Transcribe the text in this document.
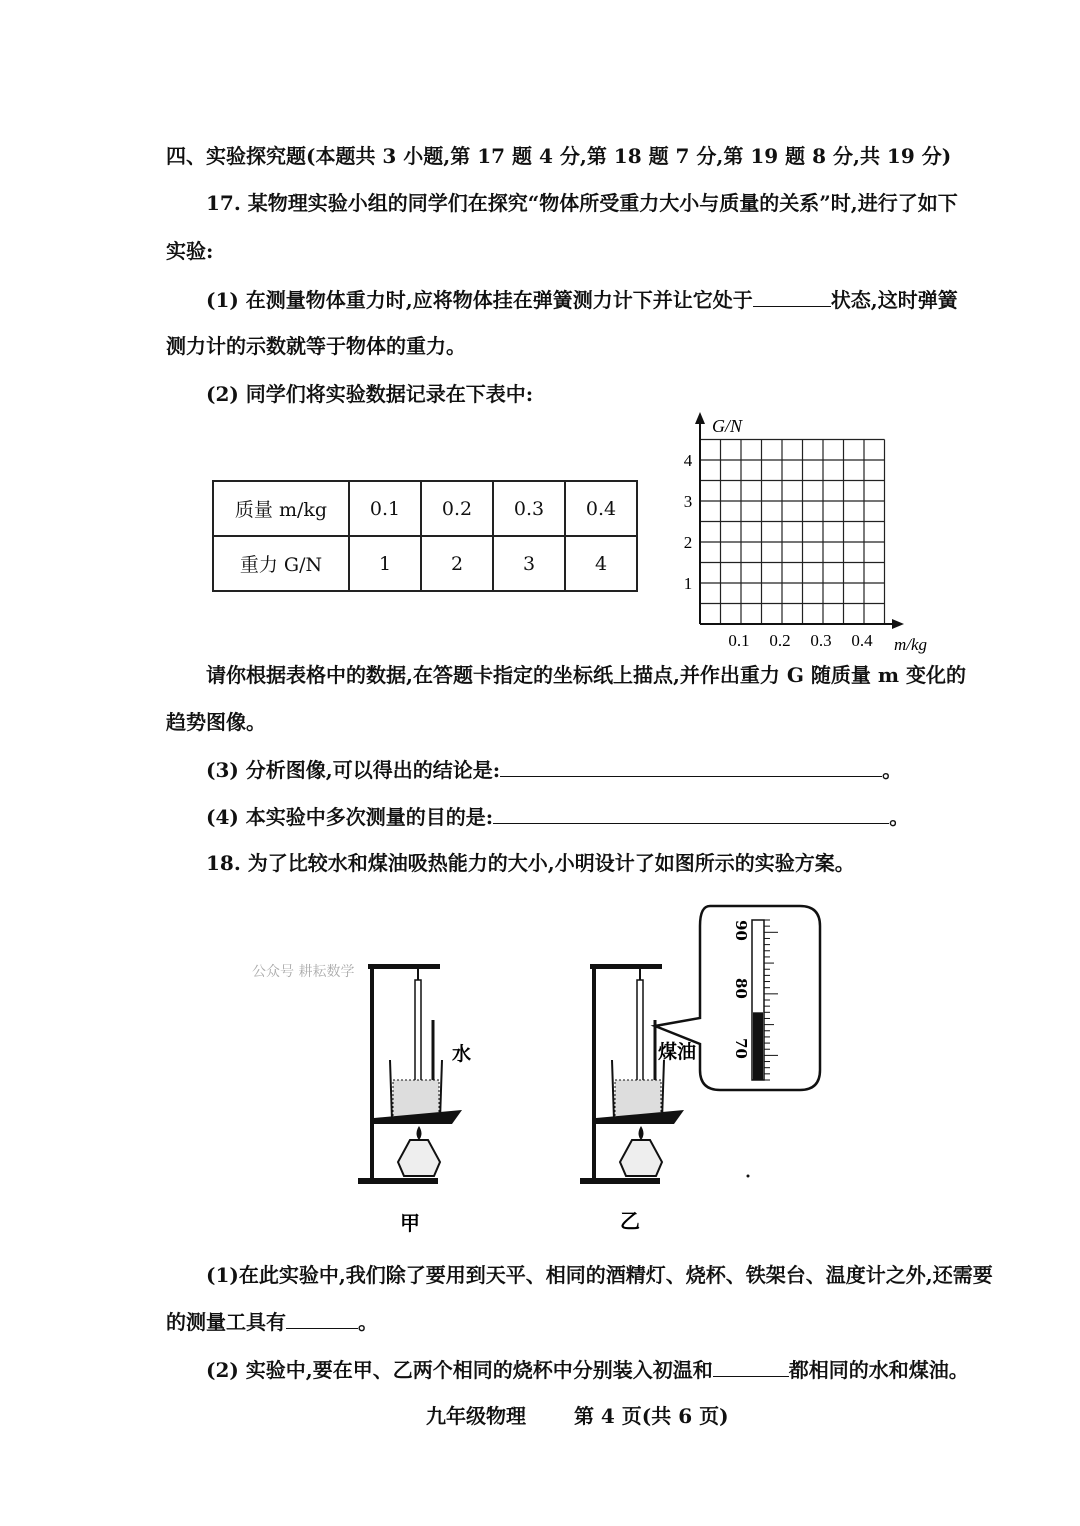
四、实验探究题(本题共 3 小题,第 17 题 4 分,第 18 题 7 分,第 19 题 8 分,共 19 分)
17. 某物理实验小组的同学们在探究“物体所受重力大小与质量的关系”时,进行了如下
实验:
(1) 在测量物体重力时,应将物体挂在弹簧测力计下并让它处于	状态,这时弹簧
测力计的示数就等于物体的重力。
(2) 同学们将实验数据记录在下表中:
质量 m/kg	0.1	0.2	0.3	0.4
重力 G/N	1	2	3	4
G/N
m/kg
1
2
3
4
0.1 0.2 0.3 0.4
请你根据表格中的数据,在答题卡指定的坐标纸上描点,并作出重力 G 随质量 m 变化的
趋势图像。
(3) 分析图像,可以得出的结论是:	。
(4) 本实验中多次测量的目的是:	。
18. 为了比较水和煤油吸热能力的大小,小明设计了如图所示的实验方案。
公众号 耕耘数学
水
甲
煤油
乙
90
80
70
(1)在此实验中,我们除了要用到天平、相同的酒精灯、烧杯、铁架台、温度计之外,还需要
的测量工具有	。
(2) 实验中,要在甲、乙两个相同的烧杯中分别装入初温和	都相同的水和煤油。
九年级物理 第 4 页(共 6 页)
